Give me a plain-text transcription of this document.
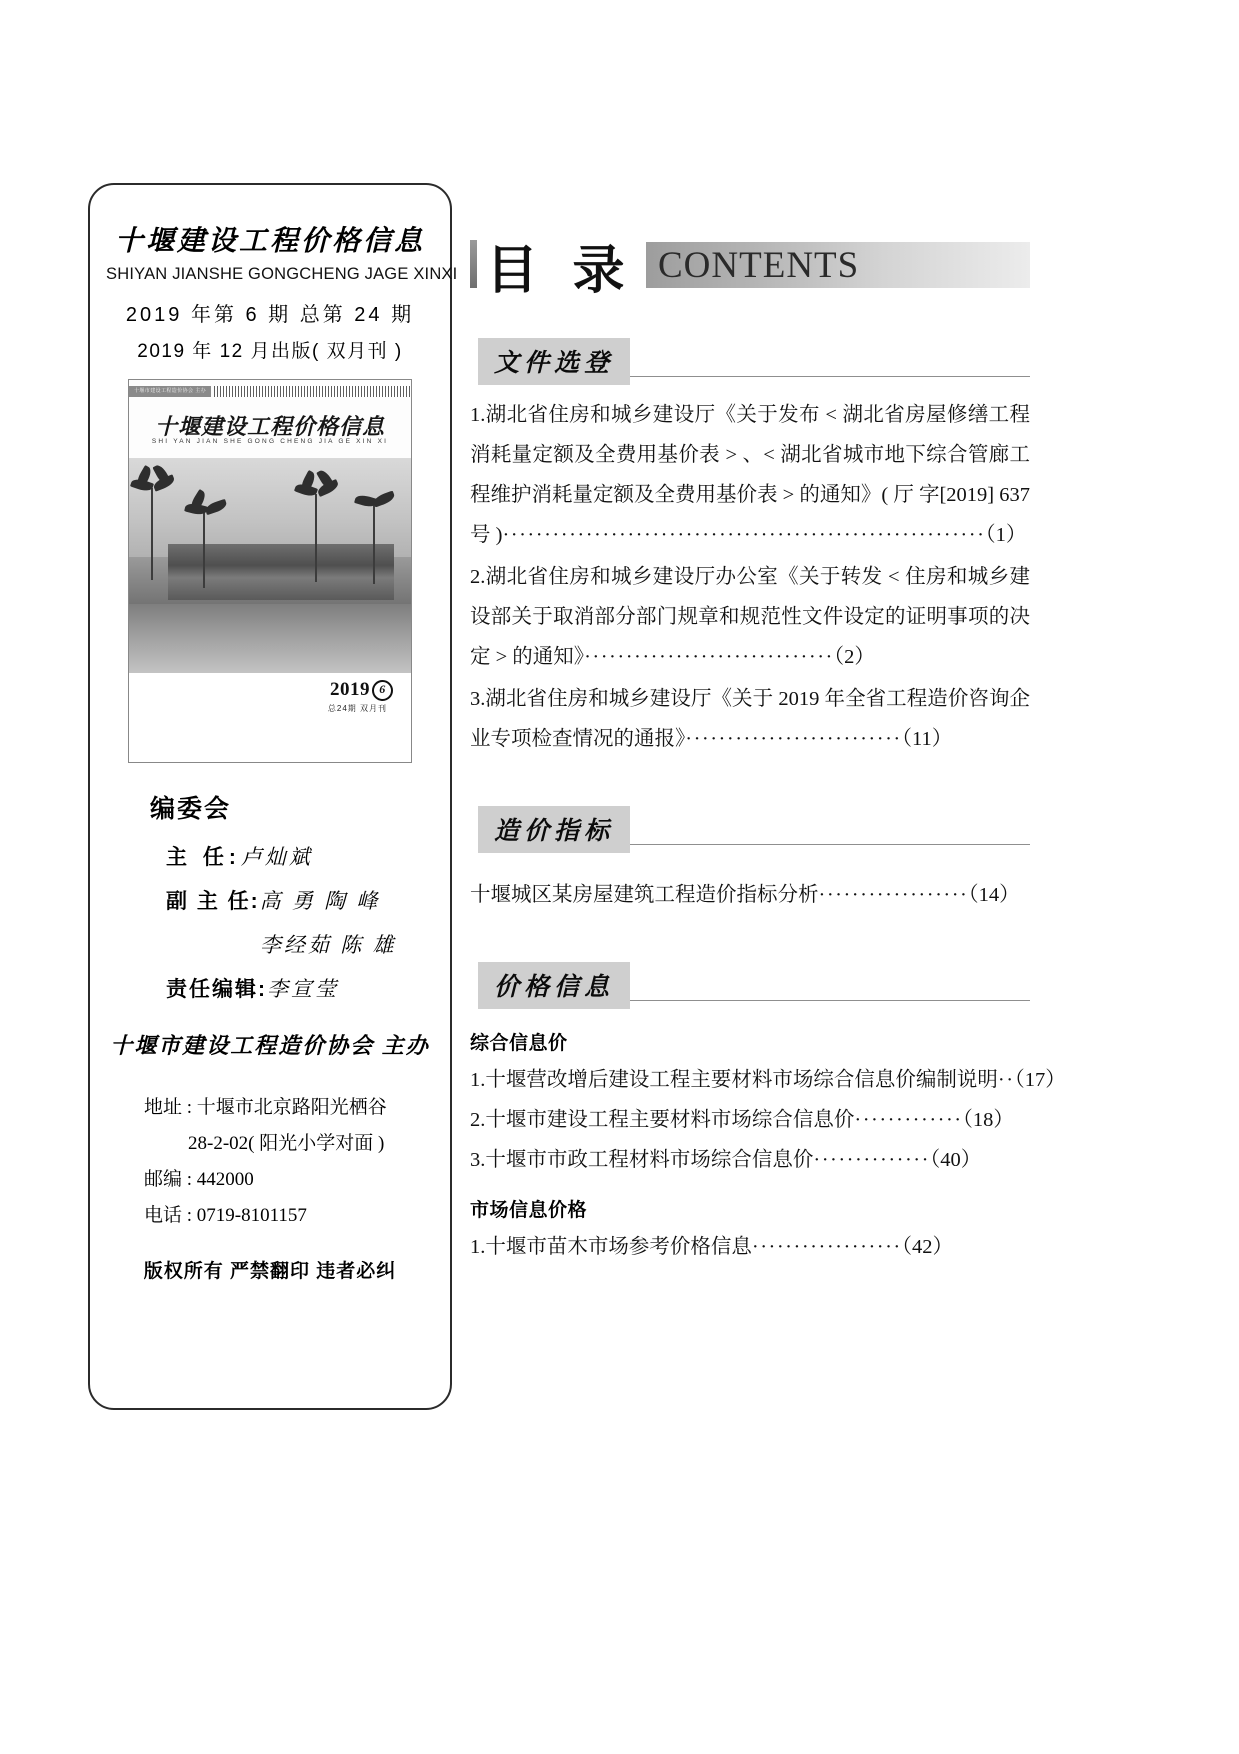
十堰建设工程价格信息
SHIYAN JIANSHE GONGCHENG JAGE XINXI
2019 年第 6 期 总第 24 期
2019 年 12 月出版( 双月刊 )
十堰市建设工程造价协会 主办
十堰建设工程价格信息
SHI YAN JIAN SHE GONG CHENG JIA GE XIN XI
2019 6
总24期 双月刊
编委会
主 任:卢灿斌
副 主 任:高 勇 陶 峰
李经茹 陈 雄
责任编辑:李宣莹
十堰市建设工程造价协会 主办
地址 : 十堰市北京路阳光栖谷
28-2-02( 阳光小学对面 )
邮编 : 442000
电话 : 0719-8101157
版权所有 严禁翻印 违者必纠
目 录 CONTENTS
文件选登
1.湖北省住房和城乡建设厅《关于发布 < 湖北省房屋修缮工程消耗量定额及全费用基价表 > 、< 湖北省城市地下综合管廊工程维护消耗量定额及全费用基价表 > 的通知》( 厅 字[2019] 637号 )··························································（1）
2.湖北省住房和城乡建设厅办公室《关于转发 < 住房和城乡建设部关于取消部分部门规章和规范性文件设定的证明事项的决定 > 的通知》······························（2）
3.湖北省住房和城乡建设厅《关于 2019 年全省工程造价咨询企业专项检查情况的通报》··························（11）
造价指标
十堰城区某房屋建筑工程造价指标分析··················（14）
价格信息
综合信息价
1.十堰营改增后建设工程主要材料市场综合信息价编制说明··（17）
2.十堰市建设工程主要材料市场综合信息价·············（18）
3.十堰市市政工程材料市场综合信息价··············（40）
市场信息价格
1.十堰市苗木市场参考价格信息··················（42）
